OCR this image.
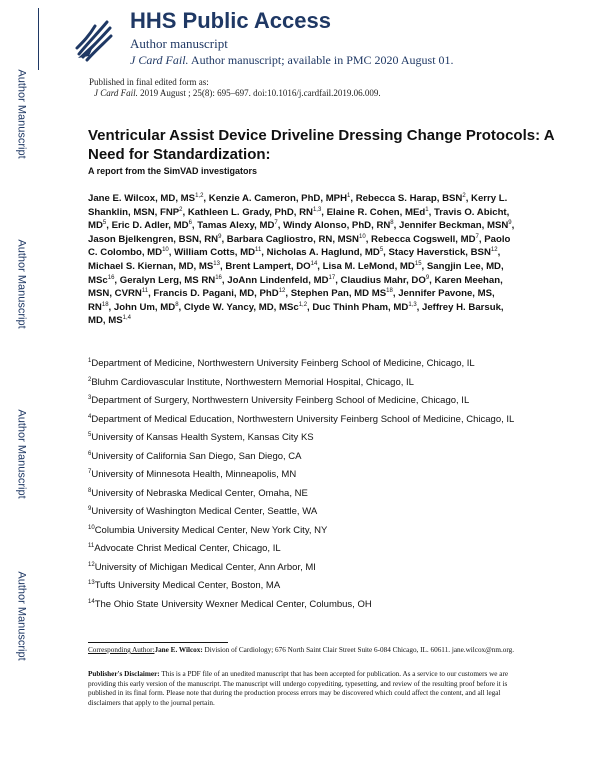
Author Manuscript
Author Manuscript
Author Manuscript
Author Manuscript
HHS Public Access
Author manuscript
J Card Fail. Author manuscript; available in PMC 2020 August 01.
Published in final edited form as:
J Card Fail. 2019 August ; 25(8): 695–697. doi:10.1016/j.cardfail.2019.06.009.
Ventricular Assist Device Driveline Dressing Change Protocols: A Need for Standardization:
A report from the SimVAD investigators
Jane E. Wilcox, MD, MS$^{1,2}$, Kenzie A. Cameron, PhD, MPH$^1$, Rebecca S. Harap, BSN$^2$, Kerry L. Shanklin, MSN, FNP$^2$, Kathleen L. Grady, PhD, RN$^{1,3}$, Elaine R. Cohen, MEd$^1$, Travis O. Abicht, $MD^5$, Eric D. Adler, $MD^6$, Tamas Alexy, $MD^7$, Windy Alonso, PhD, $RN^8$, Jennifer Beckman, MSN$^9$, Jason Bjelkengren, BSN, $RN^9$, Barbara Cagliostro, RN, MSN$^{10}$, Rebecca Cogswell, $MD^7$, Paolo C. Colombo, MD$^{10}$, William Cotts, MD$^{11}$, Nicholas A. Haglund, $MD^5$, Stacy Haverstick, BSN$^{12}$, Michael S. Kiernan, MD, MS$^{13}$, Brent Lampert, DO$^{14}$, Lisa M. LeMond, MD$^{15}$, Sangjin Lee, MD, MSc$^{16}$, Geralyn Lerg, MS RN$^{16}$, JoAnn Lindenfeld, MD$^{17}$, Claudius Mahr, $DO^9$, Karen Meehan, MSN, CVRN$^{11}$, Francis D. Pagani, MD, PhD$^{12}$, Stephen Pan, MD MS$^{18}$, Jennifer Pavone, MS, RN$^{18}$, John Um, $MD^8$, Clyde W. Yancy, MD, MSc$^{1,2}$, Duc Thinh Pham, MD$^{1,3}$, Jeffrey H. Barsuk, MD, MS$^{1,4}$
$^1$Department of Medicine, Northwestern University Feinberg School of Medicine, Chicago, IL
$^2$Bluhm Cardiovascular Institute, Northwestern Memorial Hospital, Chicago, IL
$^3$Department of Surgery, Northwestern University Feinberg School of Medicine, Chicago, IL
$^4$Department of Medical Education, Northwestern University Feinberg School of Medicine, Chicago, IL
$^5$University of Kansas Health System, Kansas City KS
$^6$University of California San Diego, San Diego, CA
$^7$University of Minnesota Health, Minneapolis, MN
$^8$University of Nebraska Medical Center, Omaha, NE
$^9$University of Washington Medical Center, Seattle, WA
$^{10}$Columbia University Medical Center, New York City, NY
$^{11}$Advocate Christ Medical Center, Chicago, IL
$^{12}$University of Michigan Medical Center, Ann Arbor, MI
$^{13}$Tufts University Medical Center, Boston, MA
$^{14}$The Ohio State University Wexner Medical Center, Columbus, OH
Corresponding Author:Jane E. Wilcox: Division of Cardiology; 676 North Saint Clair Street Suite 6-084 Chicago, IL. 60611. jane.wilcox@nm.org.
Publisher's Disclaimer: This is a PDF file of an unedited manuscript that has been accepted for publication. As a service to our customers we are providing this early version of the manuscript. The manuscript will undergo copyediting, typesetting, and review of the resulting proof before it is published in its final form. Please note that during the production process errors may be discovered which could affect the content, and all legal disclaimers that apply to the journal pertain.
